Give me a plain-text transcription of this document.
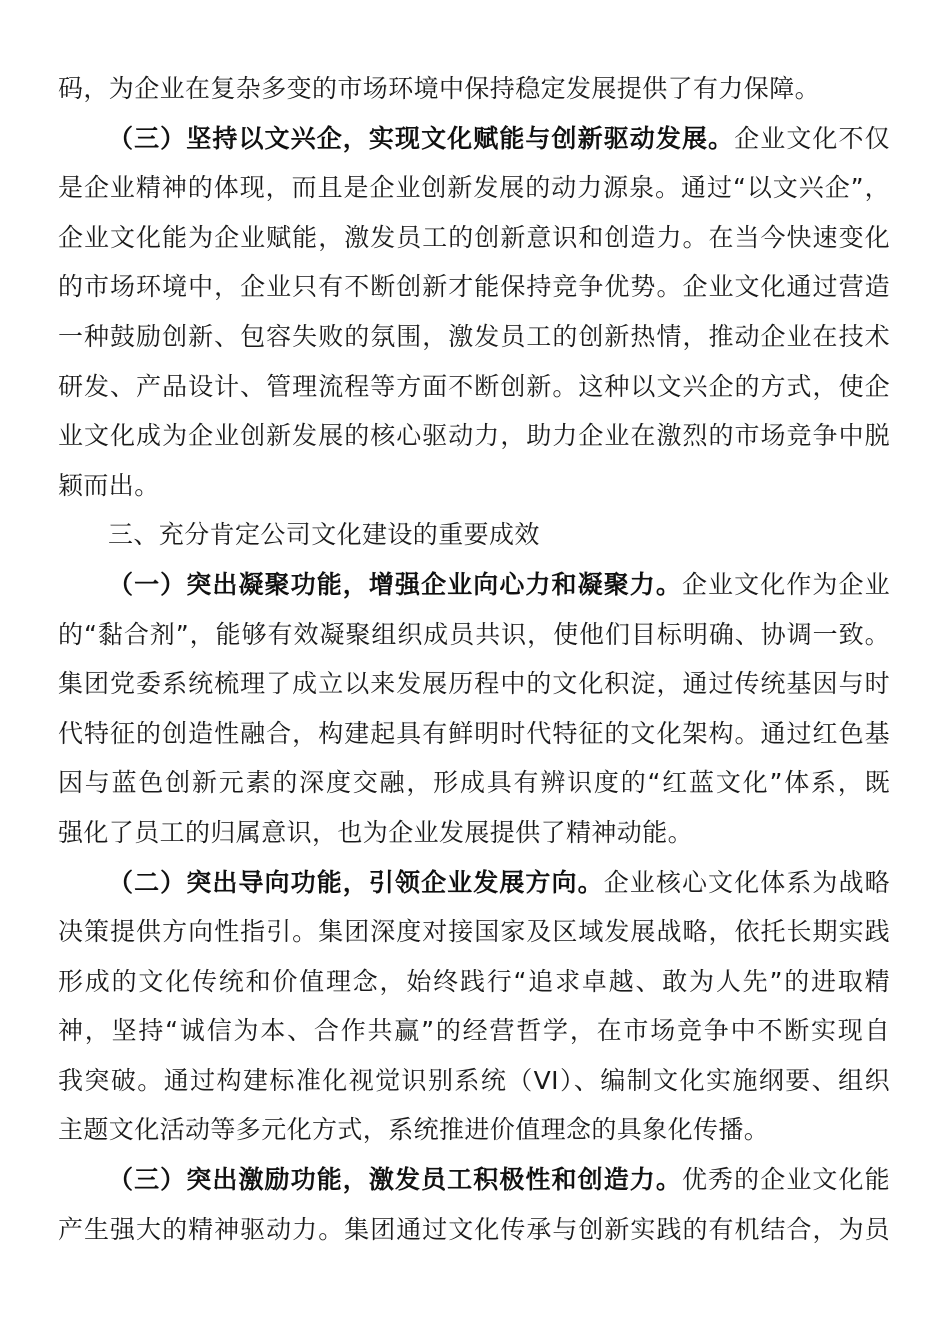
码，为企业在复杂多变的市场环境中保持稳定发展提供了有力保障。
（三）坚持以文兴企，实现文化赋能与创新驱动发展。企业文化不仅
是企业精神的体现，而且是企业创新发展的动力源泉。通过“以文兴企”，
企业文化能为企业赋能，激发员工的创新意识和创造力。在当今快速变化
的市场环境中，企业只有不断创新才能保持竞争优势。企业文化通过营造
一种鼓励创新、包容失败的氛围，激发员工的创新热情，推动企业在技术
研发、产品设计、管理流程等方面不断创新。这种以文兴企的方式，使企
业文化成为企业创新发展的核心驱动力，助力企业在激烈的市场竞争中脱
颖而出。
三、充分肯定公司文化建设的重要成效
（一）突出凝聚功能，增强企业向心力和凝聚力。企业文化作为企业
的“黏合剂”，能够有效凝聚组织成员共识，使他们目标明确、协调一致。
集团党委系统梳理了成立以来发展历程中的文化积淀，通过传统基因与时
代特征的创造性融合，构建起具有鲜明时代特征的文化架构。通过红色基
因与蓝色创新元素的深度交融，形成具有辨识度的“红蓝文化”体系，既
强化了员工的归属意识，也为企业发展提供了精神动能。
（二）突出导向功能，引领企业发展方向。企业核心文化体系为战略
决策提供方向性指引。集团深度对接国家及区域发展战略，依托长期实践
形成的文化传统和价值理念，始终践行“追求卓越、敢为人先”的进取精
神，坚持“诚信为本、合作共赢”的经营哲学，在市场竞争中不断实现自
我突破。通过构建标准化视觉识别系统（VI）、编制文化实施纲要、组织
主题文化活动等多元化方式，系统推进价值理念的具象化传播。
（三）突出激励功能，激发员工积极性和创造力。优秀的企业文化能
产生强大的精神驱动力。集团通过文化传承与创新实践的有机结合，为员
